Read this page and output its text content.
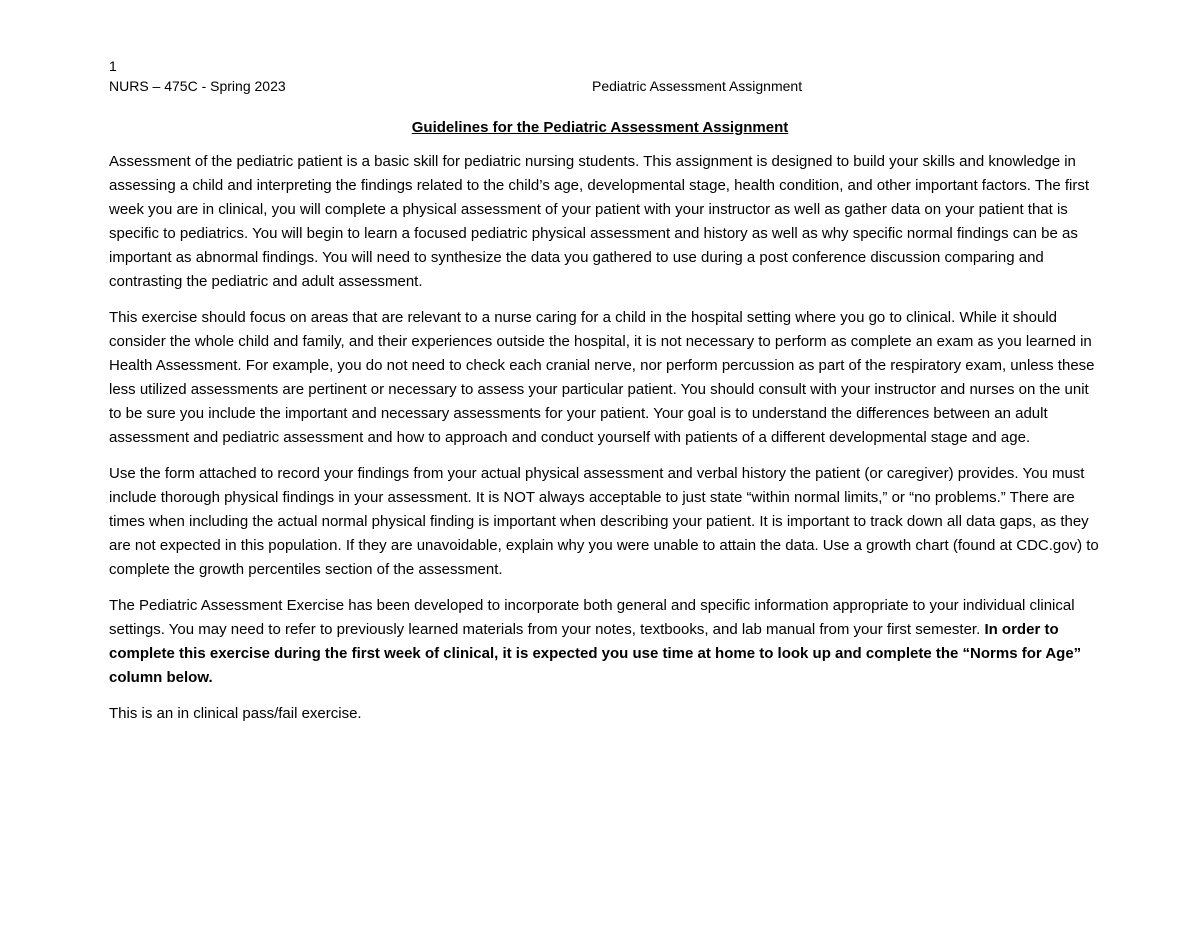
1
NURS – 475C - Spring 2023	Pediatric Assessment Assignment
Guidelines for the Pediatric Assessment Assignment

Assessment of the pediatric patient is a basic skill for pediatric nursing students. This assignment is designed to build your skills and knowledge in assessing a child and interpreting the findings related to the child’s age, developmental stage, health condition, and other important factors. The first week you are in clinical, you will complete a physical assessment of your patient with your instructor as well as gather data on your patient that is specific to pediatrics. You will begin to learn a focused pediatric physical assessment and history as well as why specific normal findings can be as important as abnormal findings. You will need to synthesize the data you gathered to use during a post conference discussion comparing and contrasting the pediatric and adult assessment.

This exercise should focus on areas that are relevant to a nurse caring for a child in the hospital setting where you go to clinical. While it should consider the whole child and family, and their experiences outside the hospital, it is not necessary to perform as complete an exam as you learned in Health Assessment. For example, you do not need to check each cranial nerve, nor perform percussion as part of the respiratory exam, unless these less utilized assessments are pertinent or necessary to assess your particular patient. You should consult with your instructor and nurses on the unit to be sure you include the important and necessary assessments for your patient. Your goal is to understand the differences between an adult assessment and pediatric assessment and how to approach and conduct yourself with patients of a different developmental stage and age.

Use the form attached to record your findings from your actual physical assessment and verbal history the patient (or caregiver) provides. You must include thorough physical findings in your assessment. It is NOT always acceptable to just state “within normal limits,” or “no problems.” There are times when including the actual normal physical finding is important when describing your patient. It is important to track down all data gaps, as they are not expected in this population. If they are unavoidable, explain why you were unable to attain the data. Use a growth chart (found at CDC.gov) to complete the growth percentiles section of the assessment.

The Pediatric Assessment Exercise has been developed to incorporate both general and specific information appropriate to your individual clinical settings. You may need to refer to previously learned materials from your notes, textbooks, and lab manual from your first semester. In order to complete this exercise during the first week of clinical, it is expected you use time at home to look up and complete the “Norms for Age” column below.

This is an in clinical pass/fail exercise.
